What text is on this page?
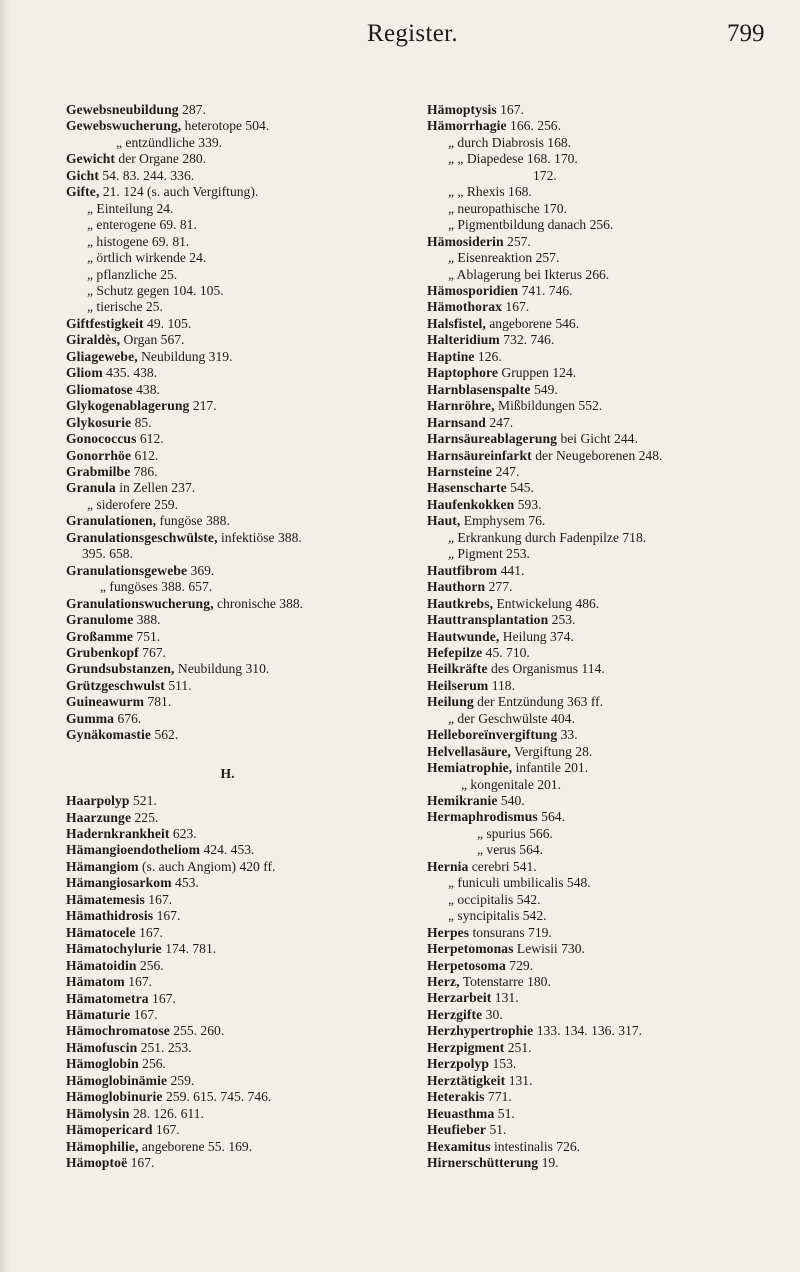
Register.	799
Gewebsneubildung 287.
Gewebswucherung, heterotope 504.
„ entzündliche 339.
Gewicht der Organe 280.
Gicht 54. 83. 244. 336.
Gifte, 21. 124 (s. auch Vergiftung).
„ Einteilung 24.
„ enterogene 69. 81.
„ histogene 69. 81.
„ örtlich wirkende 24.
„ pflanzliche 25.
„ Schutz gegen 104. 105.
„ tierische 25.
Giftfestigkeit 49. 105.
Giraldès, Organ 567.
Gliagewebe, Neubildung 319.
Gliom 435. 438.
Gliomatose 438.
Glykogenablagerung 217.
Glykosurie 85.
Gonococcus 612.
Gonorrhöe 612.
Grabmilbe 786.
Granula in Zellen 237.
„ siderofere 259.
Granulationen, fungöse 388.
Granulationsgeschwülste, infektiöse 388.
395. 658.
Granulationsgewebe 369.
„ fungöses 388. 657.
Granulationswucherung, chronische 388.
Granulome 388.
Großamme 751.
Grubenkopf 767.
Grundsubstanzen, Neubildung 310.
Grützgeschwulst 511.
Guineawurm 781.
Gumma 676.
Gynäkomastie 562.
H.
Haarpolyp 521.
Haarzunge 225.
Hadernkrankheit 623.
Hämangioendotheliom 424. 453.
Hämangiom (s. auch Angiom) 420 ff.
Hämangiosarkom 453.
Hämatemesis 167.
Hämathidrosis 167.
Hämatocele 167.
Hämatochylurie 174. 781.
Hämatoidin 256.
Hämatom 167.
Hämatometra 167.
Hämaturie 167.
Hämochromatose 255. 260.
Hämofuscin 251. 253.
Hämoglobin 256.
Hämoglobinämie 259.
Hämoglobinurie 259. 615. 745. 746.
Hämolysin 28. 126. 611.
Hämopericard 167.
Hämophilie, angeborene 55. 169.
Hämoptoë 167.
Hämoptysis 167.
Hämorrhagie 166. 256.
„ durch Diabrosis 168.
„ „ Diapedese 168. 170.
172.
„ „ Rhexis 168.
„ neuropathische 170.
„ Pigmentbildung danach 256.
Hämosiderin 257.
„ Eisenreaktion 257.
„ Ablagerung bei Ikterus 266.
Hämosporidien 741. 746.
Hämothorax 167.
Halsfistel, angeborene 546.
Halteridium 732. 746.
Haptine 126.
Haptophore Gruppen 124.
Harnblasenspalte 549.
Harnröhre, Mißbildungen 552.
Harnsand 247.
Harnsäureablagerung bei Gicht 244.
Harnsäureinfarkt der Neugeborenen 248.
Harnsteine 247.
Hasenscharte 545.
Haufenkokken 593.
Haut, Emphysem 76.
„ Erkrankung durch Fadenpilze 718.
„ Pigment 253.
Hautfibrom 441.
Hauthorn 277.
Hautkrebs, Entwickelung 486.
Hauttransplantation 253.
Hautwunde, Heilung 374.
Hefepilze 45. 710.
Heilkräfte des Organismus 114.
Heilserum 118.
Heilung der Entzündung 363 ff.
„ der Geschwülste 404.
Helleboreïnvergiftung 33.
Helvellasäure, Vergiftung 28.
Hemiatrophie, infantile 201.
„ kongenitale 201.
Hemikranie 540.
Hermaphrodismus 564.
„ spurius 566.
„ verus 564.
Hernia cerebri 541.
„ funiculi umbilicalis 548.
„ occipitalis 542.
„ syncipitalis 542.
Herpes tonsurans 719.
Herpetomonas Lewisii 730.
Herpetosoma 729.
Herz, Totenstarre 180.
Herzarbeit 131.
Herzgifte 30.
Herzhypertrophie 133. 134. 136. 317.
Herzpigment 251.
Herzpolyp 153.
Herztätigkeit 131.
Heterakis 771.
Heuasthma 51.
Heufieber 51.
Hexamitus intestinalis 726.
Hirnerschütterung 19.
